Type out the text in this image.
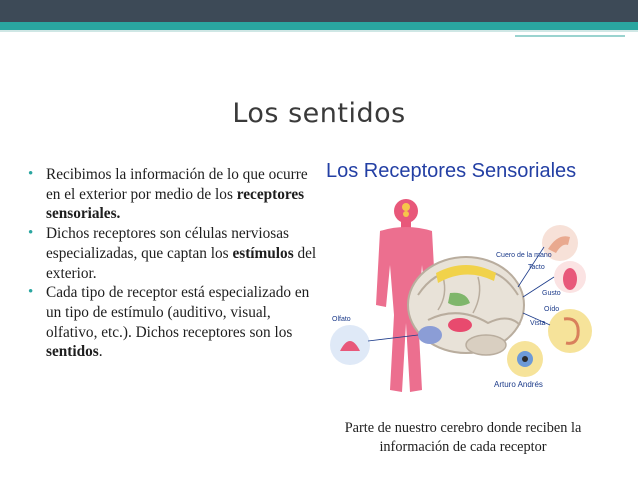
Los sentidos
• Recibimos la información de lo que ocurre en el exterior por medio de los receptores sensoriales.
• Dichos receptores son células nerviosas especializadas, que captan los estímulos del exterior.
• Cada tipo de receptor está especializado en un tipo de estímulo (auditivo, visual, olfativo, etc.). Dichos receptores son los sentidos.
Los Receptores Sensoriales
Cuero de la mano
Tacto
Gusto
Oído
Vista
Olfato
Arturo Andrés
Parte de nuestro cerebro donde reciben la información de cada receptor
